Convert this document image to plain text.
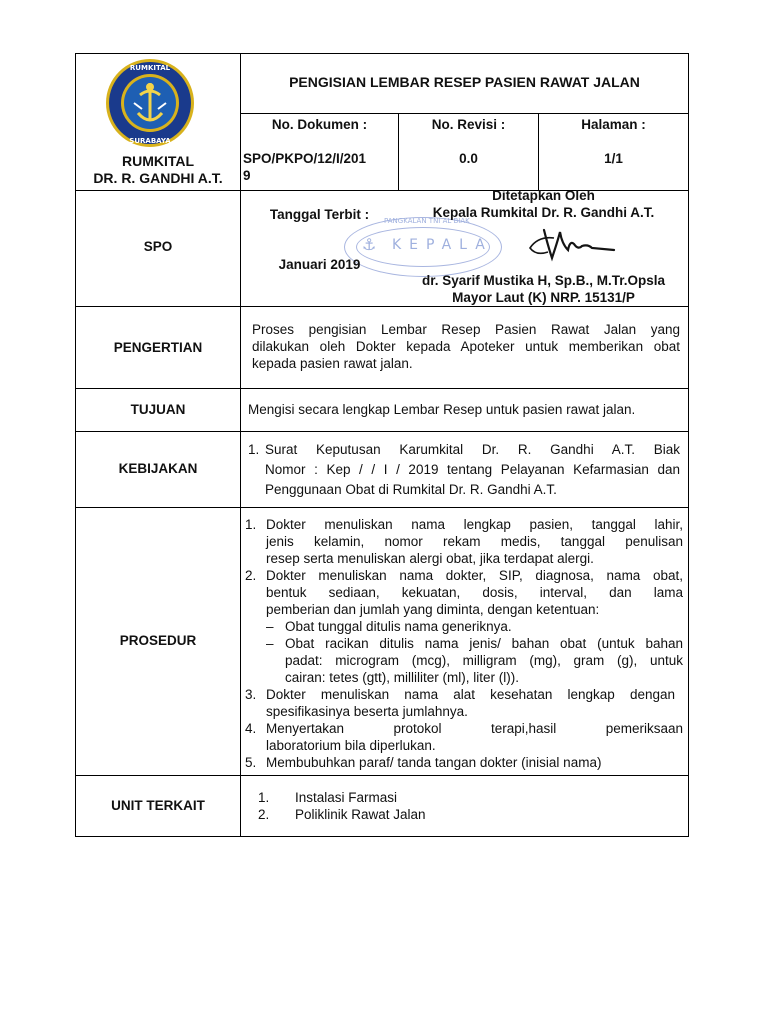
RUMKITAL
SURABAYA
RUMKITAL
DR. R. GANDHI A.T.
PENGISIAN LEMBAR RESEP PASIEN RAWAT JALAN
No. Dokumen :
SPO/PKPO/12/I/201
9
No. Revisi :
0.0
Halaman :
1/1
SPO
PANGKALAN TNI AL BIAK
KEPALA
⚓
Tanggal Terbit :
Januari 2019
Ditetapkan Oleh
Kepala Rumkital Dr. R. Gandhi A.T.
dr. Syarif Mustika H, Sp.B., M.Tr.Opsla
Mayor Laut (K) NRP. 15131/P
PENGERTIAN
Proses pengisian Lembar Resep Pasien Rawat Jalan yang
dilakukan oleh Dokter kepada Apoteker untuk memberikan obat
kepada pasien rawat jalan.
TUJUAN	Mengisi secara lengkap Lembar Resep untuk pasien rawat jalan.
KEBIJAKAN
1. Surat Keputusan Karumkital Dr. R. Gandhi A.T. Biak
Nomor : Kep / / I / 2019 tentang Pelayanan Kefarmasian dan
Penggunaan Obat di Rumkital Dr. R. Gandhi A.T.
PROSEDUR
1. Dokter menuliskan nama lengkap pasien, tanggal lahir,
jenis kelamin, nomor rekam medis, tanggal penulisan
resep serta menuliskan alergi obat, jika terdapat alergi.
2. Dokter menuliskan nama dokter, SIP, diagnosa, nama obat,
bentuk sediaan, kekuatan, dosis, interval, dan lama
pemberian dan jumlah yang diminta, dengan ketentuan:
– Obat tunggal ditulis nama generiknya.
– Obat racikan ditulis nama jenis/ bahan obat (untuk bahan
padat: microgram (mcg), milligram (mg), gram (g), untuk
cairan: tetes (gtt), milliliter (ml), liter (l)).
3. Dokter menuliskan nama alat kesehatan lengkap dengan
spesifikasinya beserta jumlahnya.
4. Menyertakan protokol terapi,hasil pemeriksaan
laboratorium bila diperlukan.
5. Membubuhkan paraf/ tanda tangan dokter (inisial nama)
UNIT TERKAIT
1. Instalasi Farmasi
2. Poliklinik Rawat Jalan
